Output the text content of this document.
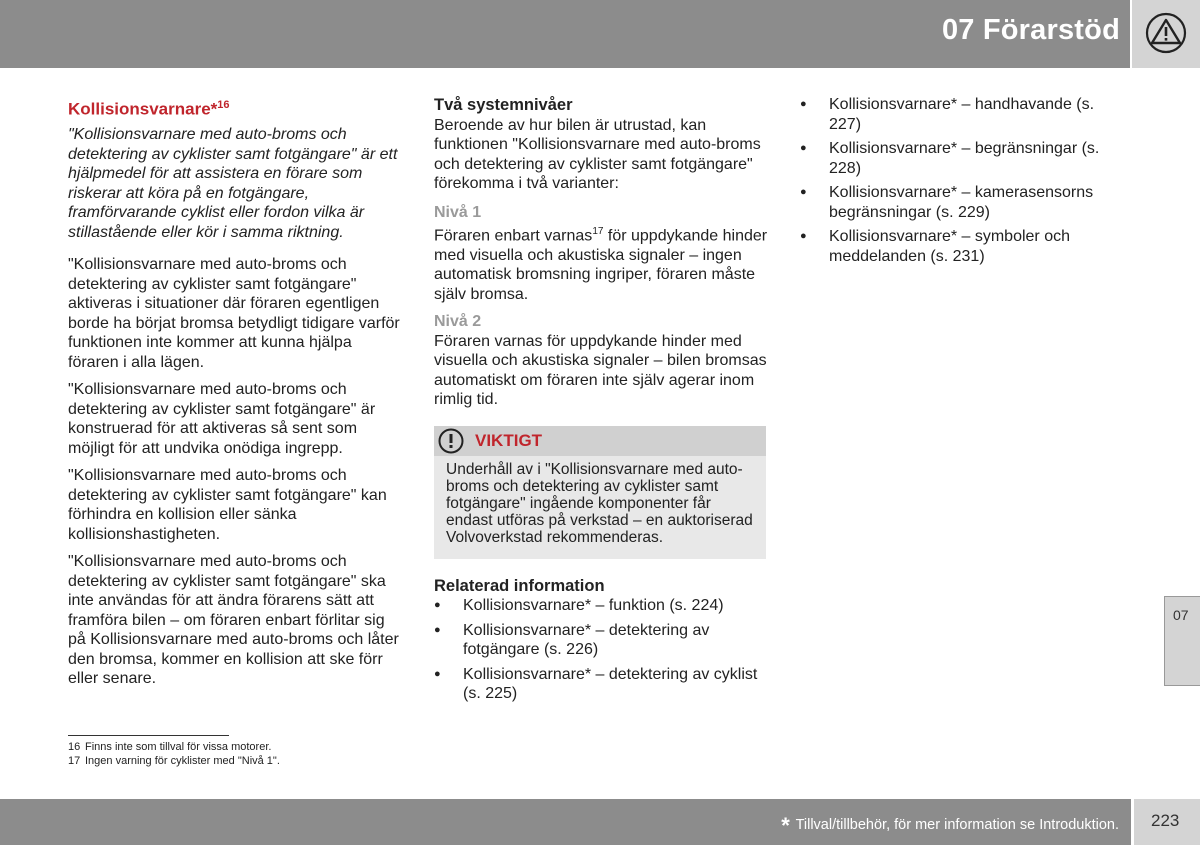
07 Förarstöd
Kollisionsvarnare*$^{16}$

"Kollisionsvarnare med auto-broms och detektering av cyklister samt fotgängare" är ett hjälpmedel för att assistera en förare som riskerar att köra på en fotgängare, framförvarande cyklist eller fordon vilka är stillastående eller kör i samma riktning.

"Kollisionsvarnare med auto-broms och detektering av cyklister samt fotgängare" aktiveras i situationer där föraren egentligen borde ha börjat bromsa betydligt tidigare varför funktionen inte kommer att kunna hjälpa föraren i alla lägen.

"Kollisionsvarnare med auto-broms och detektering av cyklister samt fotgängare" är konstruerad för att aktiveras så sent som möjligt för att undvika onödiga ingrepp.

"Kollisionsvarnare med auto-broms och detektering av cyklister samt fotgängare" kan förhindra en kollision eller sänka kollisionshastigheten.

"Kollisionsvarnare med auto-broms och detektering av cyklister samt fotgängare" ska inte användas för att ändra förarens sätt att framföra bilen – om föraren enbart förlitar sig på Kollisionsvarnare med auto-broms och låter den bromsa, kommer en kollision att ske förr eller senare.

Två systemnivåer

Beroende av hur bilen är utrustad, kan funktionen "Kollisionsvarnare med auto-broms och detektering av cyklister samt fotgängare" förekomma i två varianter:

Nivå 1

Föraren enbart varnas$^{17}$ för uppdykande hinder med visuella och akustiska signaler – ingen automatisk bromsning ingriper, föraren måste själv bromsa.

Nivå 2

Föraren varnas för uppdykande hinder med visuella och akustiska signaler – bilen bromsas automatiskt om föraren inte själv agerar inom rimlig tid.

VIKTIGT
Underhåll av i "Kollisionsvarnare med auto-broms och detektering av cyklister samt fotgängare" ingående komponenter får endast utföras på verkstad – en auktoriserad Volvoverkstad rekommenderas.
Relaterad information
● Kollisionsvarnare* – funktion (s. 224)
● Kollisionsvarnare* – detektering av fotgängare (s. 226)
● Kollisionsvarnare* – detektering av cyklist (s. 225)
● Kollisionsvarnare* – handhavande (s. 227)
● Kollisionsvarnare* – begränsningar (s. 228)
● Kollisionsvarnare* – kamerasensorns begränsningar (s. 229)
● Kollisionsvarnare* – symboler och meddelanden (s. 231)
16 Finns inte som tillval för vissa motorer.
17 Ingen varning för cyklister med "Nivå 1".
07
* Tillval/tillbehör, för mer information se Introduktion. 223
